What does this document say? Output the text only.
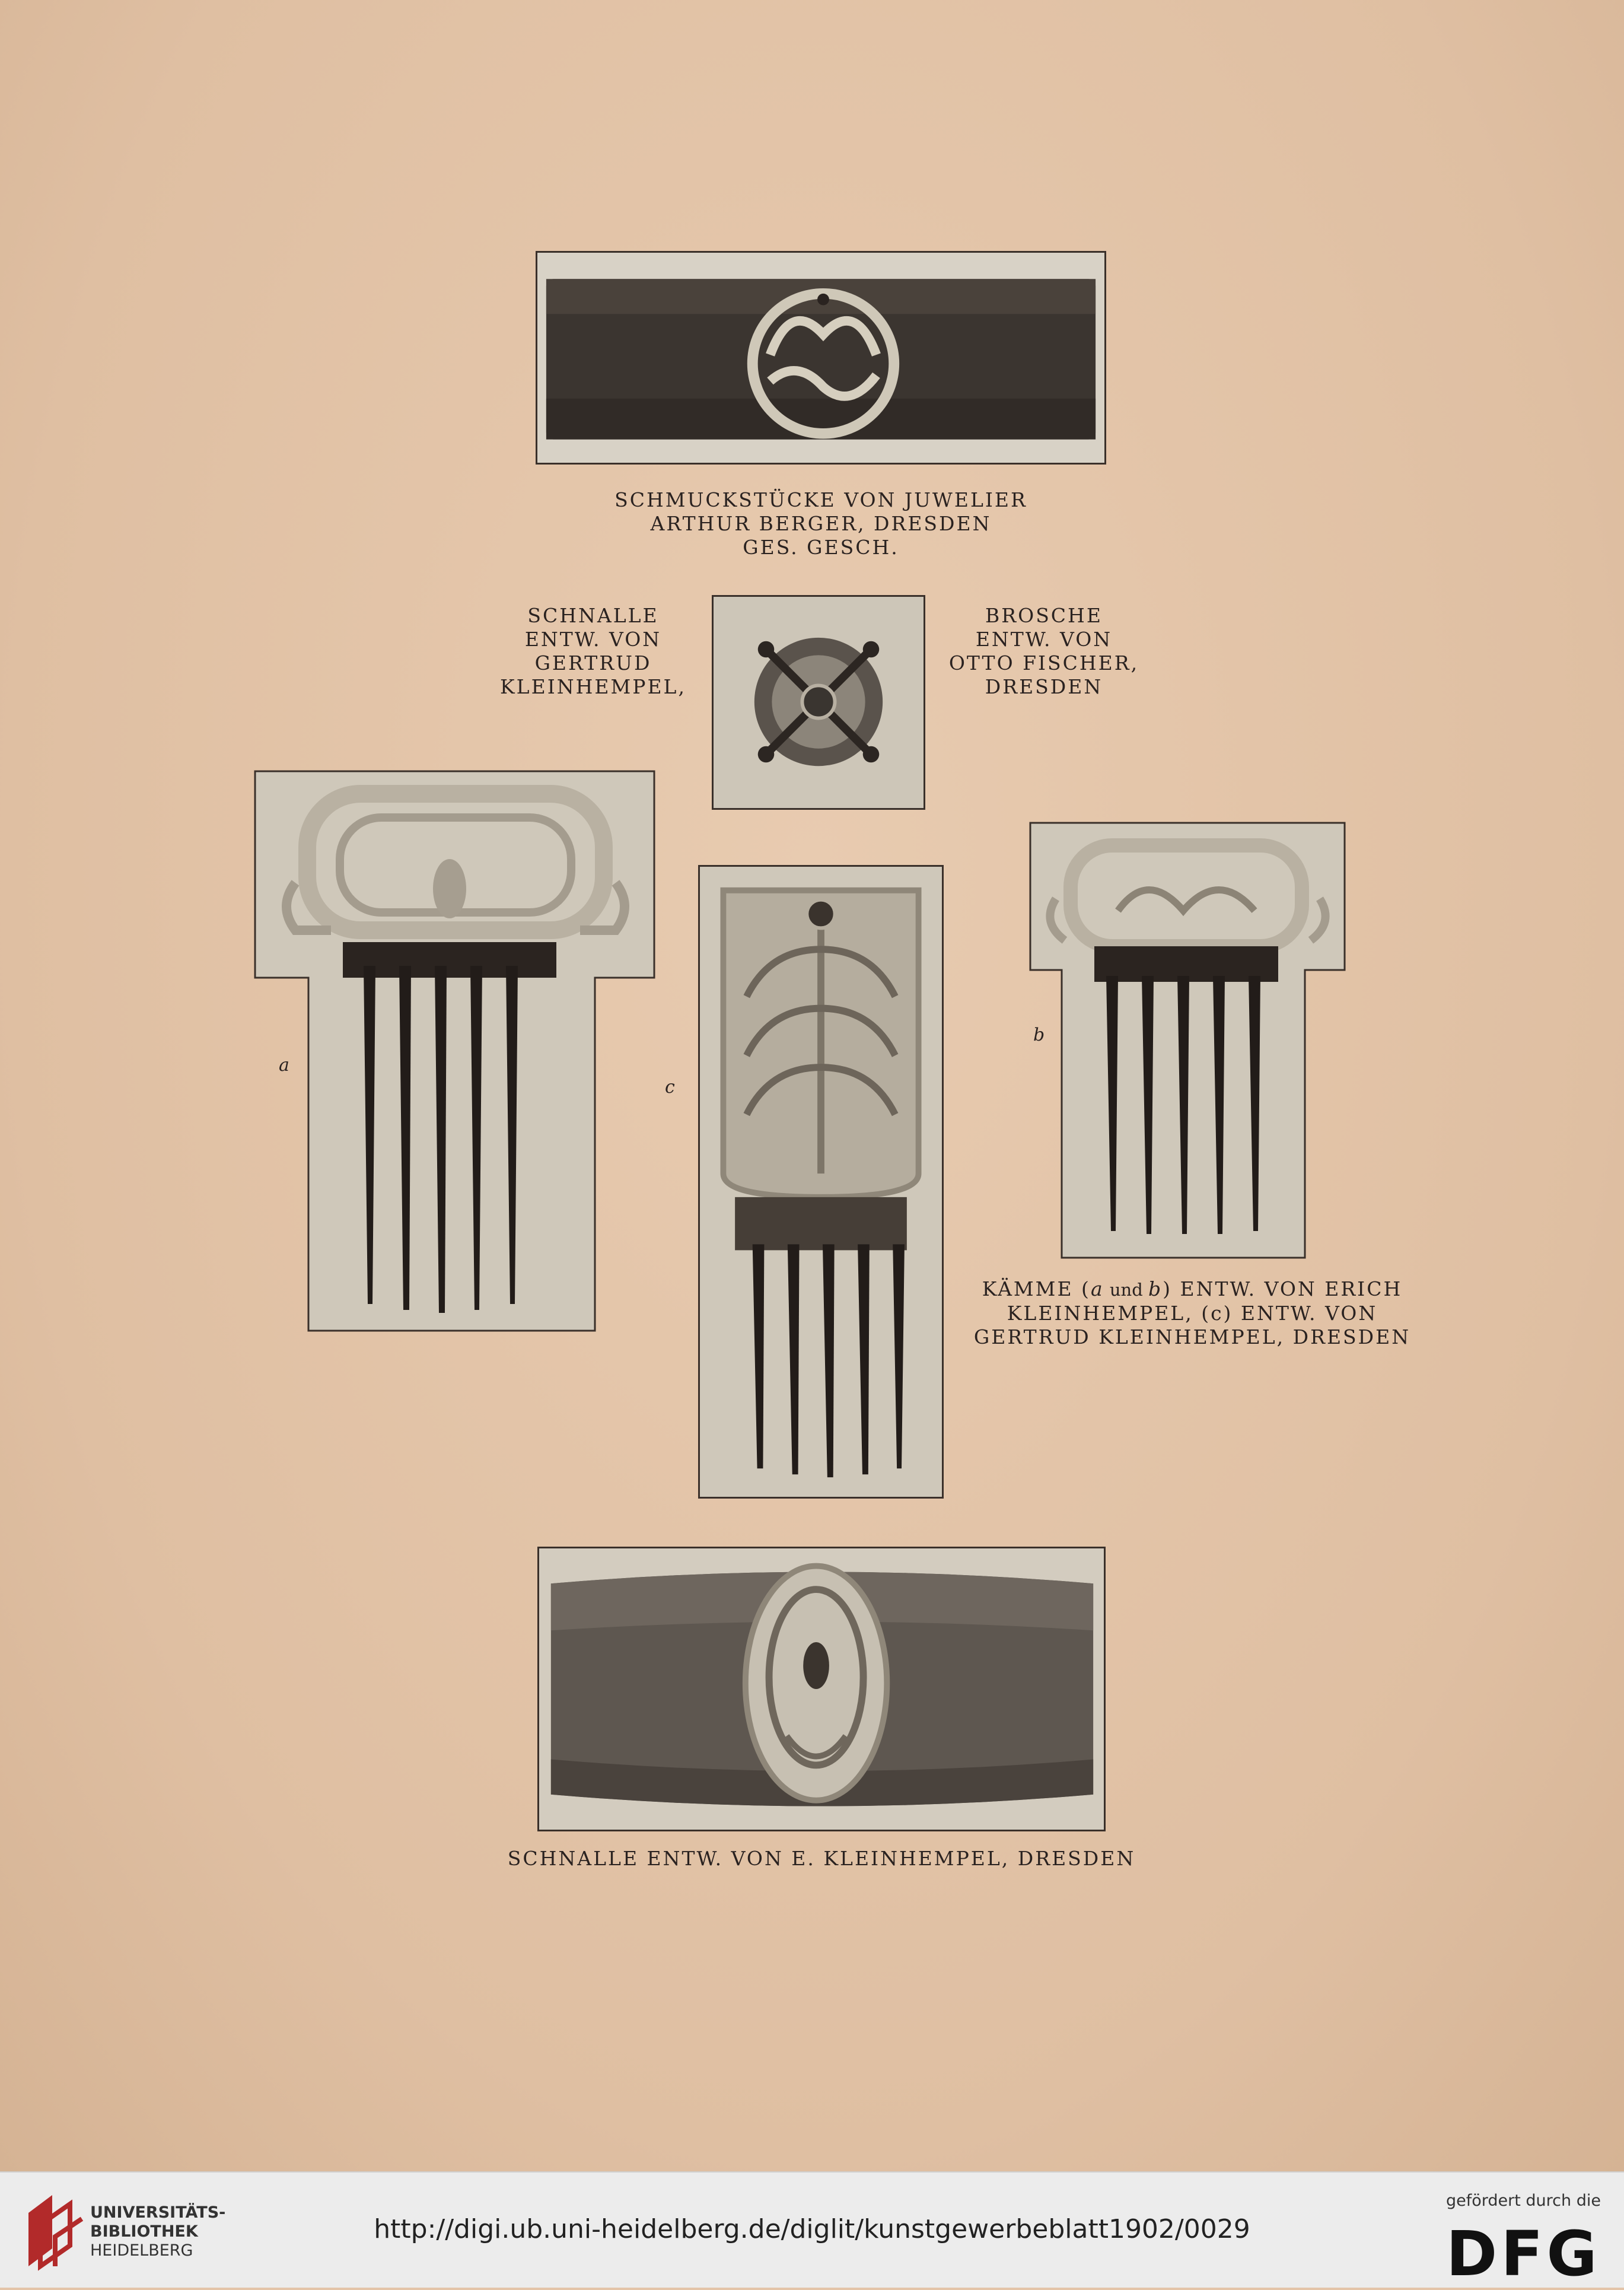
SCHMUCKSTÜCKE VON JUWELIER
ARTHUR BERGER, DRESDEN
GES. GESCH.
SCHNALLE
ENTW. VON
GERTRUD
KLEINHEMPEL,
BROSCHE
ENTW. VON
OTTO FISCHER,
DRESDEN
a
c
b
KÄMME (a und b) ENTW. VON ERICH
KLEINHEMPEL, (c) ENTW. VON
GERTRUD KLEINHEMPEL, DRESDEN
SCHNALLE ENTW. VON E. KLEINHEMPEL, DRESDEN
UNIVERSITÄTS-
BIBLIOTHEK
HEIDELBERG
http://digi.ub.uni-heidelberg.de/diglit/kunstgewerbeblatt1902/0029
gefördert durch die
DFG
